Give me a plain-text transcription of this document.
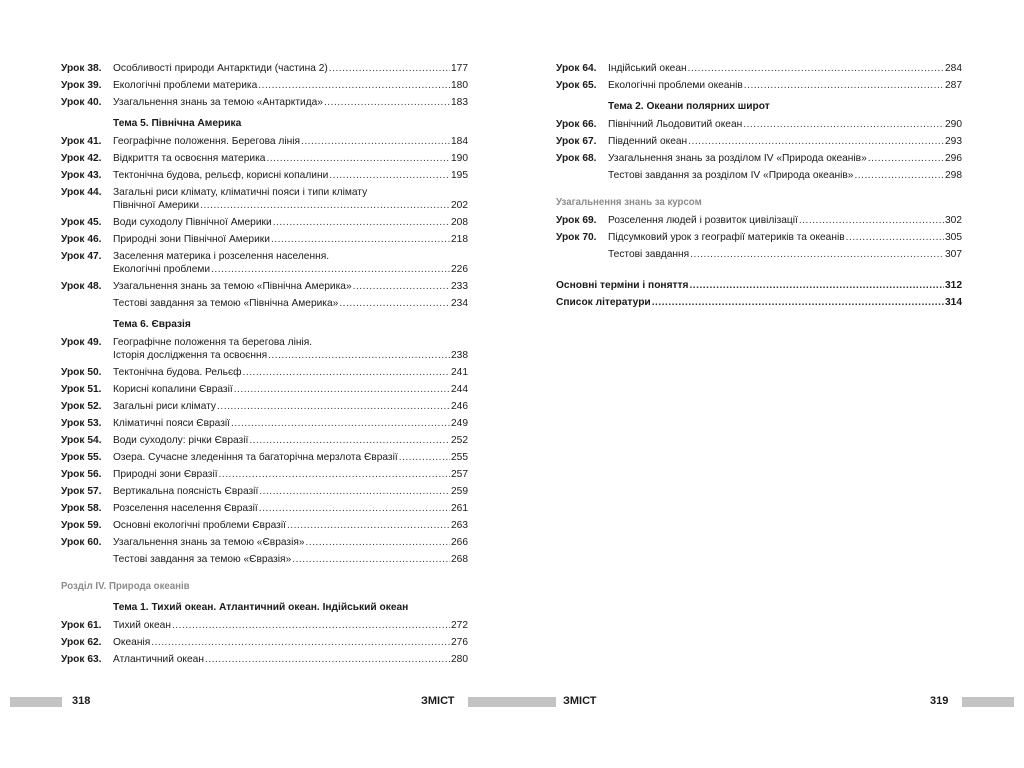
Урок 38.	Особливості природи Антарктиди (частина 2) .....	177
Урок 39.	Екологічні проблеми материка .....	180
Урок 40.	Узагальнення знань за темою «Антарктида» .....	183
Тема 5. Північна Америка
Урок 41.	Географічне положення. Берегова лінія .....	184
Урок 42.	Відкриття та освоєння материка .....	190
Урок 43.	Тектонічна будова, рельєф, корисні копалини .....	195
Урок 44.	Загальні риси клімату, кліматичні пояси і типи клімату
Північної Америки .....	202
Урок 45.	Води суходолу Північної Америки .....	208
Урок 46.	Природні зони Північної Америки .....	218
Урок 47.	Заселення материка і розселення населення.
Екологічні проблеми .....	226
Урок 48.	Узагальнення знань за темою «Північна Америка» .....	233
Тестові завдання за темою «Північна Америка» .....	234
Тема 6. Євразія
Урок 49.	Географічне положення та берегова лінія.
Історія дослідження та освоєння .....	238
Урок 50.	Тектонічна будова. Рельєф .....	241
Урок 51.	Корисні копалини Євразії .....	244
Урок 52.	Загальні риси клімату .....	246
Урок 53.	Кліматичні пояси Євразії .....	249
Урок 54.	Води суходолу: річки Євразії .....	252
Урок 55.	Озера. Сучасне зледеніння та багаторічна мерзлота Євразії .....	255
Урок 56.	Природні зони Євразії .....	257
Урок 57.	Вертикальна поясність Євразії .....	259
Урок 58.	Розселення населення Євразії .....	261
Урок 59.	Основні екологічні проблеми Євразії .....	263
Урок 60.	Узагальнення знань за темою «Євразія» .....	266
Тестові завдання за темою «Євразія» .....	268
Розділ IV. Природа океанів
Тема 1. Тихий океан. Атлантичний океан. Індійський океан
Урок 61.	Тихий океан .....	272
Урок 62.	Океанія .....	276
Урок 63.	Атлантичний океан .....	280
Урок 64.	Індійський океан .....	284
Урок 65.	Екологічні проблеми океанів .....	287
Тема 2. Океани полярних широт
Урок 66.	Північний Льодовитий океан .....	290
Урок 67.	Південний океан .....	293
Урок 68.	Узагальнення знань за розділом IV «Природа океанів» .....	296
Тестові завдання за розділом IV «Природа океанів» .....	298
Узагальнення знань за курсом
Урок 69.	Розселення людей і розвиток цивілізації .....	302
Урок 70.	Підсумковий урок з географії материків та океанів .....	305
Тестові завдання .....	307
Основні терміни і поняття .....	312
Список літератури .....	314
318	ЗМІСТ	ЗМІСТ	319
